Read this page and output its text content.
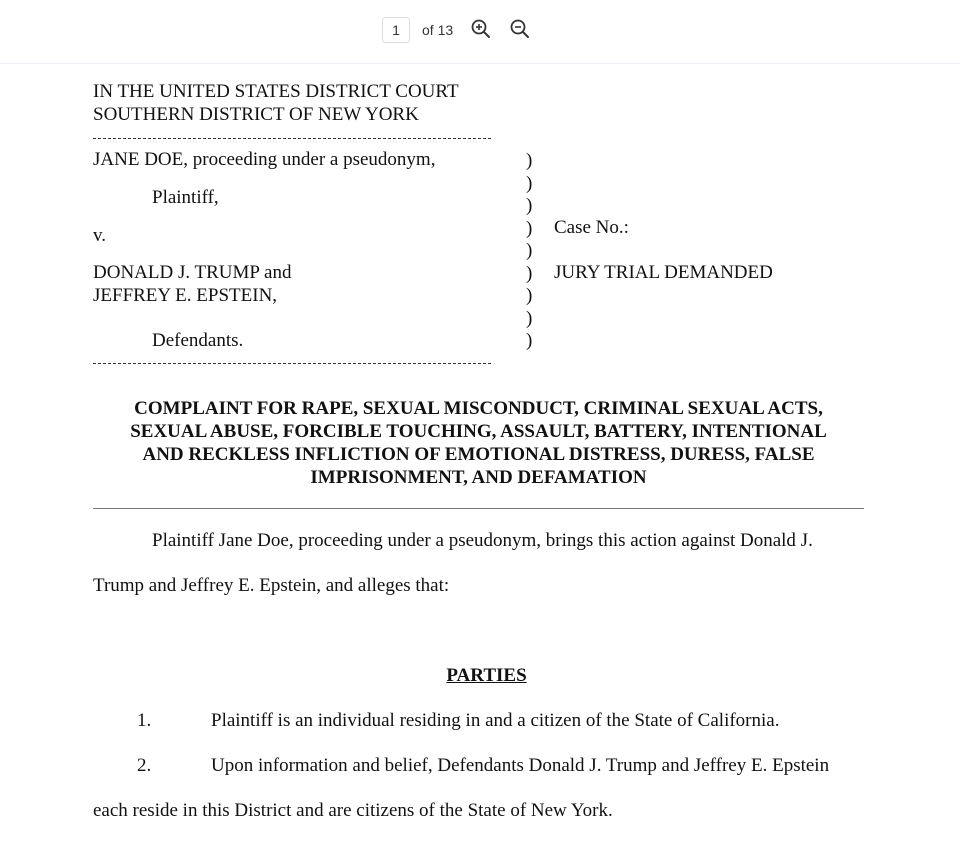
1
of 13
IN THE UNITED STATES DISTRICT COURT
SOUTHERN DISTRICT OF NEW YORK
JANE DOE, proceeding under a pseudonym,
Plaintiff,
v.
DONALD J. TRUMP and
JEFFREY E. EPSTEIN,
Defendants.
)
)
)
)
)
)
)
)
)
Case No.:
JURY TRIAL DEMANDED
COMPLAINT FOR RAPE, SEXUAL MISCONDUCT, CRIMINAL SEXUAL ACTS,
SEXUAL ABUSE, FORCIBLE TOUCHING, ASSAULT, BATTERY, INTENTIONAL
AND RECKLESS INFLICTION OF EMOTIONAL DISTRESS, DURESS, FALSE
IMPRISONMENT, AND DEFAMATION
Plaintiff Jane Doe, proceeding under a pseudonym, brings this action against Donald J.
Trump and Jeffrey E. Epstein, and alleges that:
PARTIES
1.	Plaintiff is an individual residing in and a citizen of the State of California.
2.	Upon information and belief, Defendants Donald J. Trump and Jeffrey E. Epstein
each reside in this District and are citizens of the State of New York.
